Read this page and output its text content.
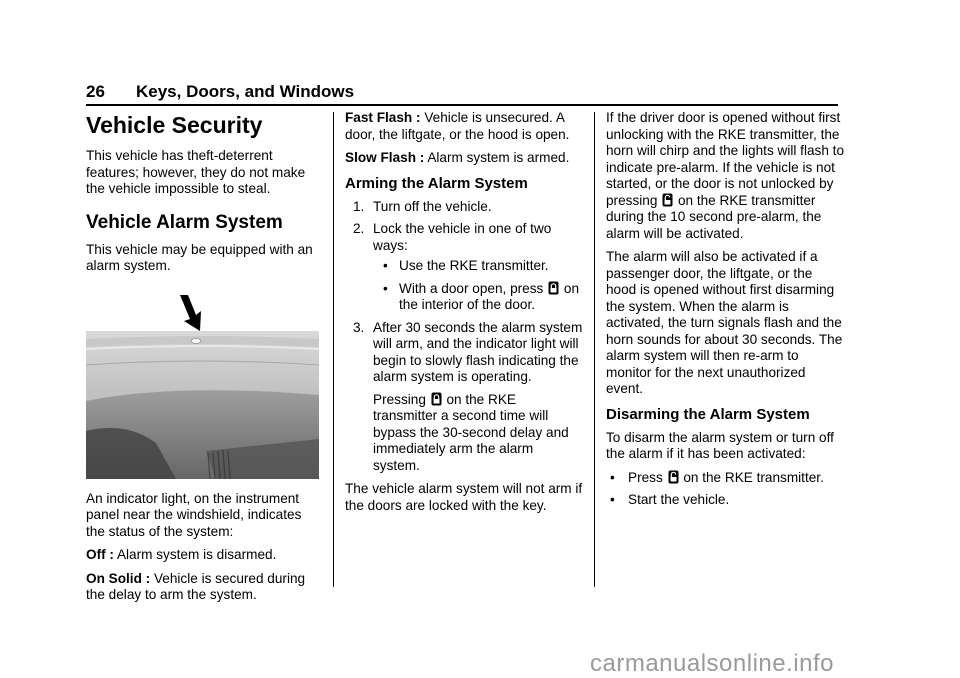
26 Keys, Doors, and Windows
Vehicle Security

This vehicle has theft-deterrent features; however, they do not make the vehicle impossible to steal.

Vehicle Alarm System

This vehicle may be equipped with an alarm system.

An indicator light, on the instrument panel near the windshield, indicates the status of the system:

Off : Alarm system is disarmed.

On Solid : Vehicle is secured during the delay to arm the system.

Fast Flash : Vehicle is unsecured. A door, the liftgate, or the hood is open.

Slow Flash : Alarm system is armed.

Arming the Alarm System
1. Turn off the vehicle.
2. Lock the vehicle in one of two ways:
• Use the RKE transmitter.
• With a door open, press on the interior of the door.
3. After 30 seconds the alarm system will arm, and the indicator light will begin to slowly flash indicating the alarm system is operating.

Pressing on the RKE transmitter a second time will bypass the 30-second delay and immediately arm the alarm system.

The vehicle alarm system will not arm if the doors are locked with the key.

If the driver door is opened without first unlocking with the RKE transmitter, the horn will chirp and the lights will flash to indicate pre-alarm. If the vehicle is not started, or the door is not unlocked by pressing on the RKE transmitter during the 10 second pre-alarm, the alarm will be activated.

The alarm will also be activated if a passenger door, the liftgate, or the hood is opened without first disarming the system. When the alarm is activated, the turn signals flash and the horn sounds for about 30 seconds. The alarm system will then re-arm to monitor for the next unauthorized event.

Disarming the Alarm System

To disarm the alarm system or turn off the alarm if it has been activated:

• Press on the RKE transmitter.
• Start the vehicle.
carmanualsonline.info
